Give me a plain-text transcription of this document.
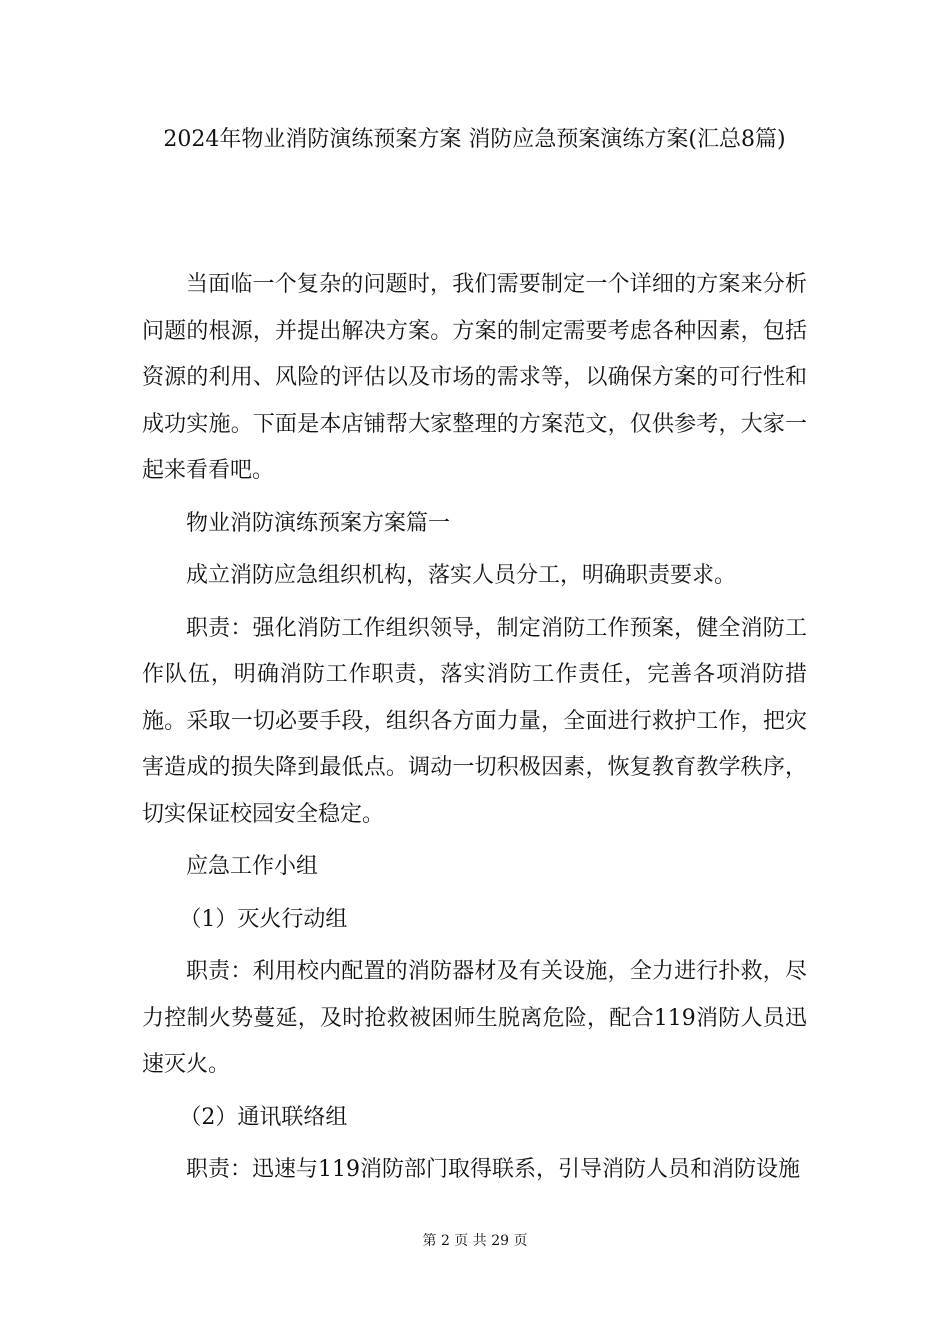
2024年物业消防演练预案方案 消防应急预案演练方案(汇总8篇)

当面临一个复杂的问题时，我们需要制定一个详细的方案来分析问题的根源，并提出解决方案。方案的制定需要考虑各种因素，包括资源的利用、风险的评估以及市场的需求等，以确保方案的可行性和成功实施。下面是本店铺帮大家整理的方案范文，仅供参考，大家一起来看看吧。

物业消防演练预案方案篇一

成立消防应急组织机构，落实人员分工，明确职责要求。

职责：强化消防工作组织领导，制定消防工作预案，健全消防工作队伍，明确消防工作职责，落实消防工作责任，完善各项消防措施。采取一切必要手段，组织各方面力量，全面进行救护工作，把灾害造成的损失降到最低点。调动一切积极因素，恢复教育教学秩序，切实保证校园安全稳定。

应急工作小组

（1）灭火行动组

职责：利用校内配置的消防器材及有关设施，全力进行扑救，尽力控制火势蔓延，及时抢救被困师生脱离危险，配合119消防人员迅速灭火。

（2）通讯联络组

职责：迅速与119消防部门取得联系，引导消防人员和消防设施

第 2 页 共 29 页
